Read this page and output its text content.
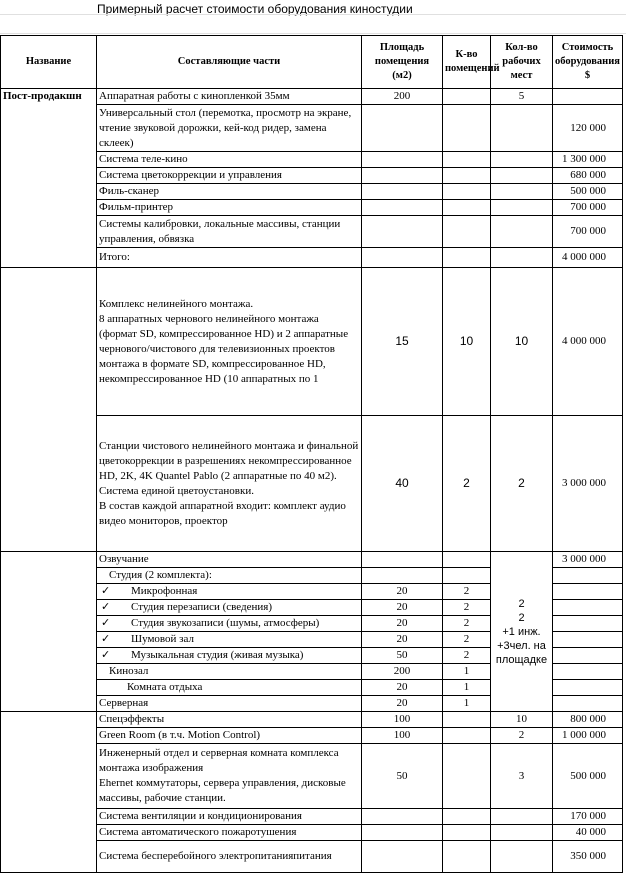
Примерный расчет стоимости оборудования киностудии
Название	Составляющие части	Площадь помещения (м2)	К-во помещений	Кол-во рабочих мест	Стоимость оборудования $
Пост-продакшн	Аппаратная работы с кинопленкой 35мм	200		5	
	Универсальный стол (перемотка, просмотр на экране, чтение звуковой дорожки, кей-код ридер, замена склеек)				120 000
	Система теле-кино				1 300 000
	Система цветокоррекции и управления				680 000
	Филь-сканер				500 000
	Фильм-принтер				700 000
	Системы калибровки, локальные массивы, станции управления, обвязка				700 000
	Итого:				4 000 000
	Комплекс нелинейного монтажа.
8 аппаратных чернового нелинейного монтажа (формат SD, компрессированное HD) и 2 аппаратные чернового/чистового для телевизионных проектов монтажа в формате SD, компрессированное HD, некомпрессированное HD (10 аппаратных по 1	15	10	10	4 000 000
	Станции чистового нелинейного монтажа и финальной цветокоррекции в разрешениях некомпрессированное HD, 2K, 4K Quantel Pablo (2 аппаратные по 40 м2). Система единой цветоустановки.
В состав каждой аппаратной входит: комплект аудио видео мониторов, проектор	40	2	2	3 000 000
	Озвучание			2
2
+1 инж.
+3чел. на площадке	3 000 000
	Студия (2 комплекта):				
	✓ Микрофонная	20	2		
	✓ Студия перезаписи (сведения)	20	2		
	✓ Студия звукозаписи (шумы, атмосферы)	20	2		
	✓ Шумовой зал	20	2		
	✓ Музыкальная студия (живая музыка)	50	2		
	Кинозал	200	1		
	Комната отдыха	20	1		
	Серверная	20	1		
	Спецэффекты	100		10	800 000
	Green Room (в т.ч. Motion Control)	100		2	1 000 000
	Инженерный отдел и серверная комната комплекса монтажа изображения
Ehernet коммутаторы, сервера управления, дисковые массивы, рабочие станции.	50		3	500 000
	Система вентиляции и кондиционирования				170 000
	Система автоматического пожаротушения				40 000
	Система бесперебойного электропитанияпитания				350 000
